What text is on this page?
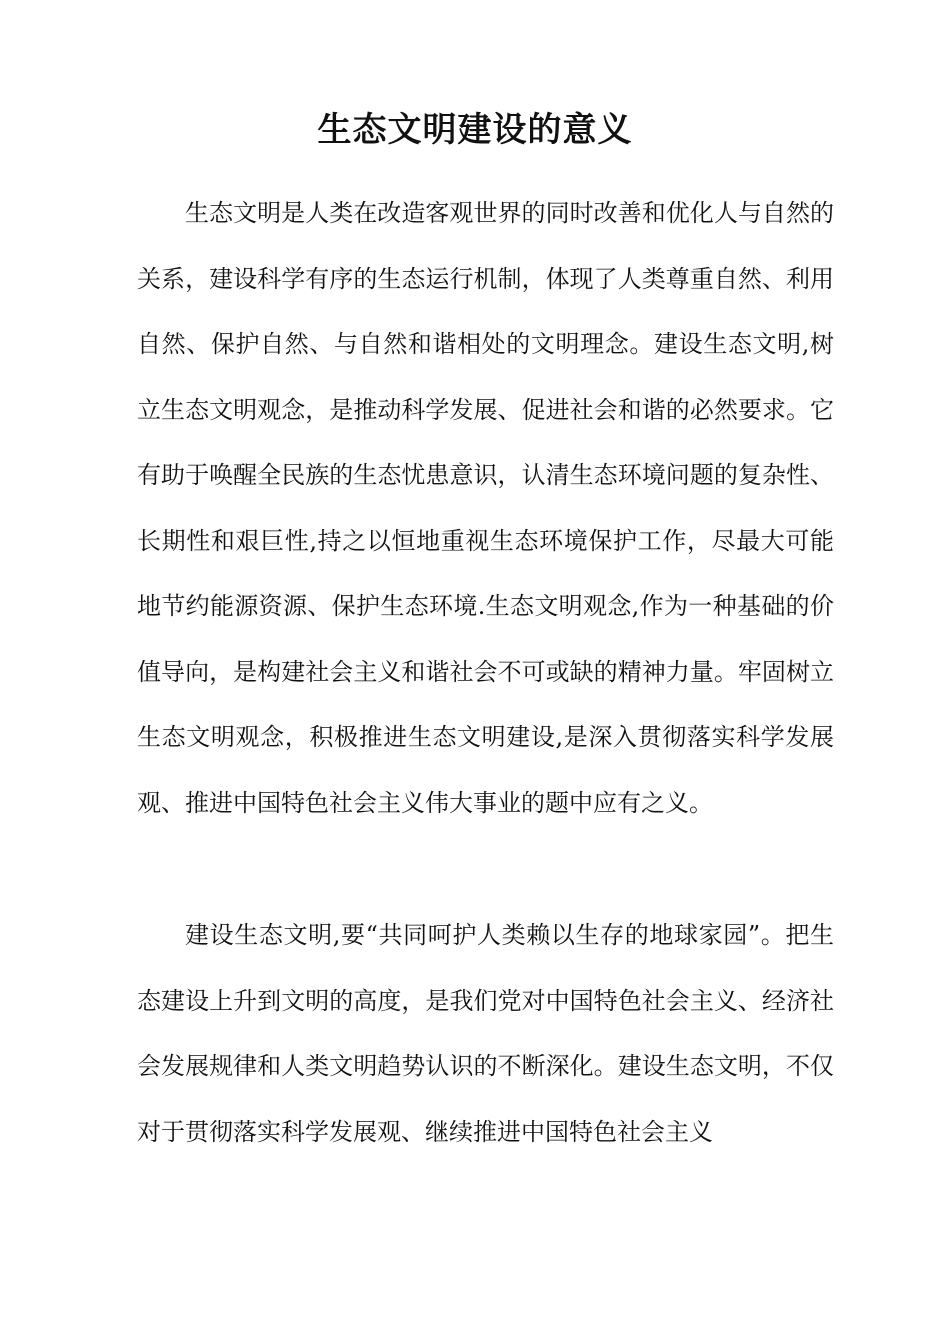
生态文明建设的意义

生态文明是人类在改造客观世界的同时改善和优化人与自然的关系，建设科学有序的生态运行机制，体现了人类尊重自然、利用自然、保护自然、与自然和谐相处的文明理念。建设生态文明,树立生态文明观念，是推动科学发展、促进社会和谐的必然要求。它有助于唤醒全民族的生态忧患意识，认清生态环境问题的复杂性、长期性和艰巨性,持之以恒地重视生态环境保护工作，尽最大可能地节约能源资源、保护生态环境.生态文明观念,作为一种基础的价值导向，是构建社会主义和谐社会不可或缺的精神力量。牢固树立生态文明观念，积极推进生态文明建设,是深入贯彻落实科学发展观、推进中国特色社会主义伟大事业的题中应有之义。

建设生态文明,要“共同呵护人类赖以生存的地球家园”。把生态建设上升到文明的高度，是我们党对中国特色社会主义、经济社会发展规律和人类文明趋势认识的不断深化。建设生态文明，不仅对于贯彻落实科学发展观、继续推进中国特色社会主义
